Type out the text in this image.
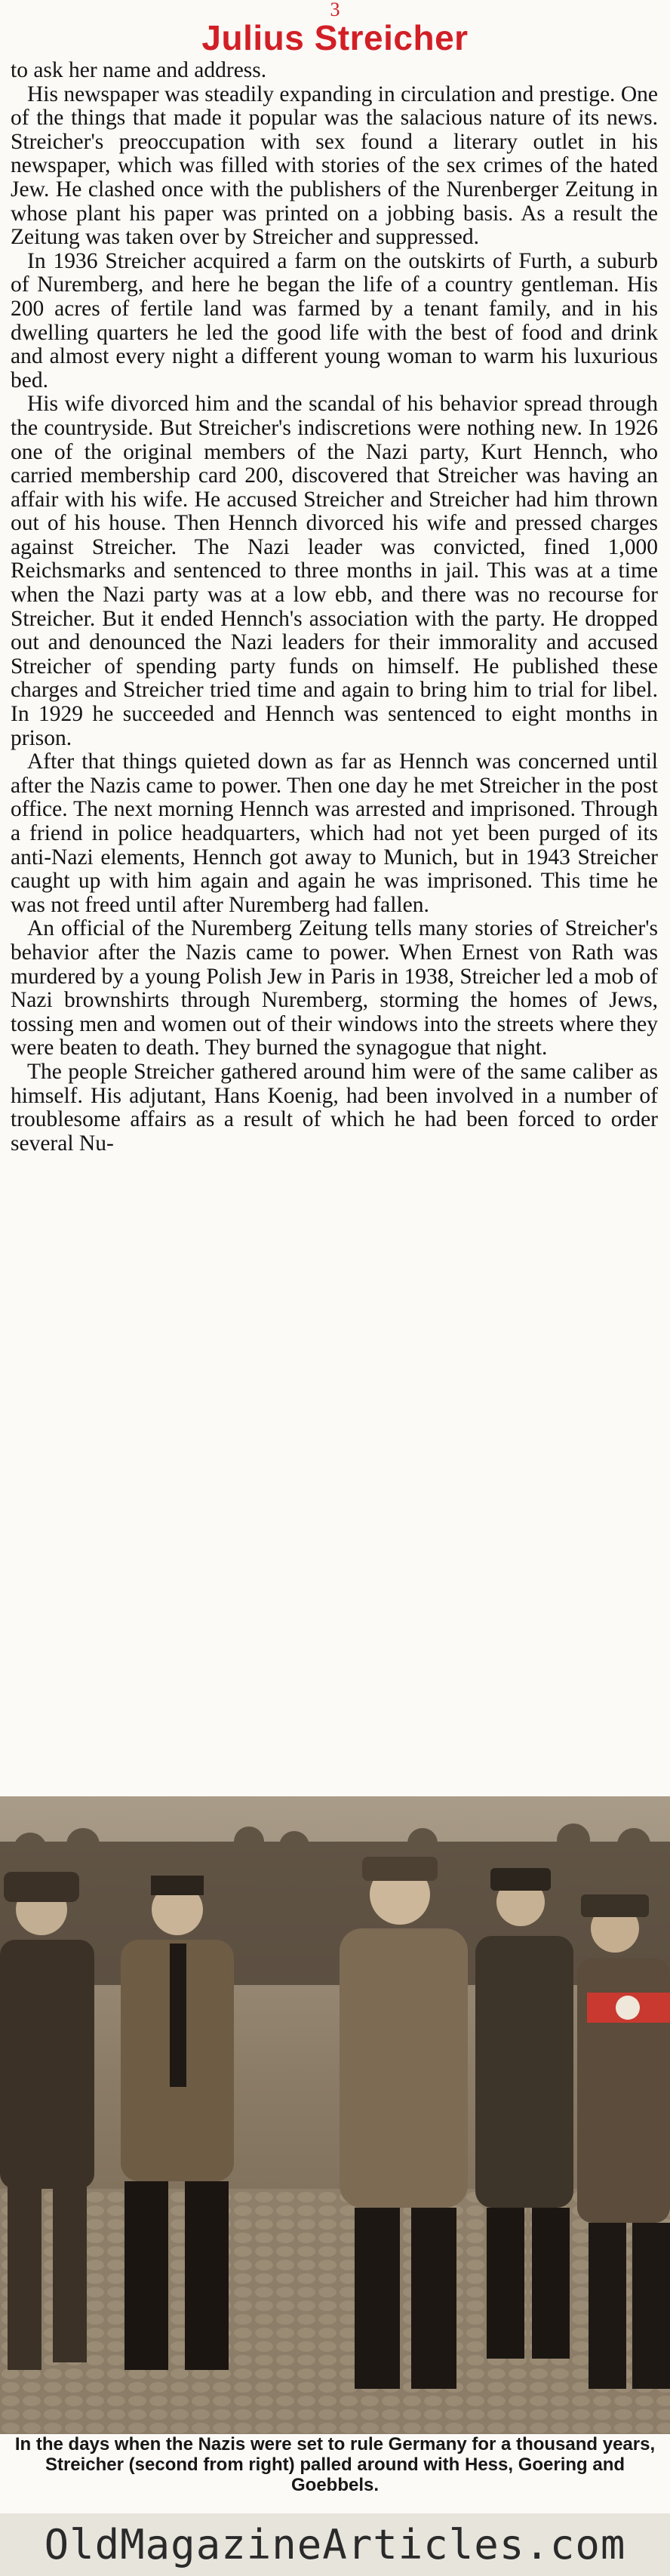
3
Julius Streicher

to ask her name and address.

His newspaper was steadily expanding in circulation and prestige. One of the things that made it popular was the salacious nature of its news. Streicher's preoccupation with sex found a literary outlet in his newspaper, which was filled with stories of the sex crimes of the hated Jew. He clashed once with the publishers of the Nurenberger Zeitung in whose plant his paper was printed on a jobbing basis. As a result the Zeitung was taken over by Streicher and suppressed.

In 1936 Streicher acquired a farm on the outskirts of Furth, a suburb of Nuremberg, and here he began the life of a country gentleman. His 200 acres of fertile land was farmed by a tenant family, and in his dwelling quarters he led the good life with the best of food and drink and almost every night a different young woman to warm his luxurious bed.

His wife divorced him and the scandal of his behavior spread through the countryside. But Streicher's indiscretions were nothing new. In 1926 one of the original members of the Nazi party, Kurt Hennch, who carried membership card 200, discovered that Streicher was having an affair with his wife. He accused Streicher and Streicher had him thrown out of his house. Then Hennch divorced his wife and pressed charges against Streicher. The Nazi leader was convicted, fined 1,000 Reichsmarks and sentenced to three months in jail. This was at a time when the Nazi party was at a low ebb, and there was no recourse for Streicher. But it ended Hennch's association with the party. He dropped out and denounced the Nazi leaders for their immorality and accused Streicher of spending party funds on himself. He published these charges and Streicher tried time and again to bring him to trial for libel. In 1929 he succeeded and Hennch was sentenced to eight months in prison.

After that things quieted down as far as Hennch was concerned until after the Nazis came to power. Then one day he met Streicher in the post office. The next morning Hennch was arrested and imprisoned. Through a friend in police headquarters, which had not yet been purged of its anti-Nazi elements, Hennch got away to Munich, but in 1943 Streicher caught up with him again and again he was imprisoned. This time he was not freed until after Nuremberg had fallen.

An official of the Nuremberg Zeitung tells many stories of Streicher's behavior after the Nazis came to power. When Ernest von Rath was murdered by a young Polish Jew in Paris in 1938, Streicher led a mob of Nazi brownshirts through Nuremberg, storming the homes of Jews, tossing men and women out of their windows into the streets where they were beaten to death. They burned the synagogue that night.

The people Streicher gathered around him were of the same caliber as himself. His adjutant, Hans Koenig, had been involved in a number of troublesome affairs as a result of which he had been forced to order several Nu-

In the days when the Nazis were set to rule Germany for a thousand years, Streicher (second from right) palled around with Hess, Goering and Goebbels.
OldMagazineArticles.com
